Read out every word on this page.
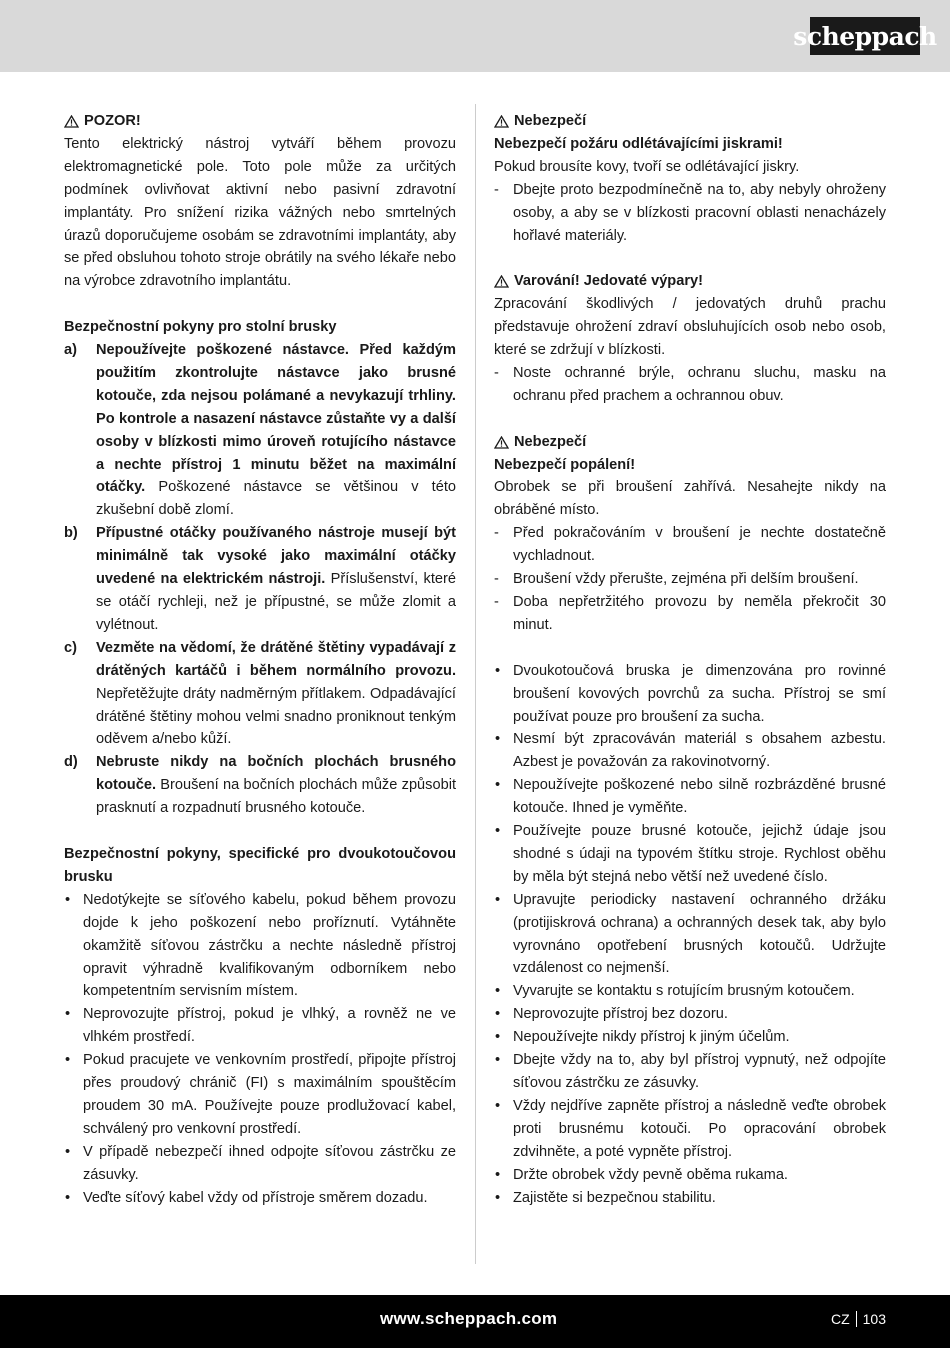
scheppach

POZOR!

Tento elektrický nástroj vytváří během provozu elektromagnetické pole. Toto pole může za určitých podmínek ovlivňovat aktivní nebo pasivní zdravotní implantáty. Pro snížení rizika vážných nebo smrtelných úrazů doporučujeme osobám se zdravotními implantáty, aby se před obsluhou tohoto stroje obrátily na svého lékaře nebo na výrobce zdravotního implantátu.

Bezpečnostní pokyny pro stolní brusky

a) Nepoužívejte poškozené nástavce. Před každým použitím zkontrolujte nástavce jako brusné kotouče, zda nejsou polámané a nevykazují trhliny. Po kontrole a nasazení nástavce zůstaňte vy a další osoby v blízkosti mimo úroveň rotujícího nástavce a nechte přístroj 1 minutu běžet na maximální otáčky. Poškozené nástavce se většinou v této zkušební době zlomí.
b) Přípustné otáčky používaného nástroje musejí být minimálně tak vysoké jako maximální otáčky uvedené na elektrickém nástroji. Příslušenství, které se otáčí rychleji, než je přípustné, se může zlomit a vylétnout.
c) Vezměte na vědomí, že drátěné štětiny vypadávají z drátěných kartáčů i během normálního provozu. Nepřetěžujte dráty nadměrným přítlakem. Odpadávající drátěné štětiny mohou velmi snadno proniknout tenkým oděvem a/nebo kůží.
d) Nebruste nikdy na bočních plochách brusného kotouče. Broušení na bočních plochách může způsobit prasknutí a rozpadnutí brusného kotouče.

Bezpečnostní pokyny, specifické pro dvoukotoučovou brusku

• Nedotýkejte se síťového kabelu, pokud během provozu dojde k jeho poškození nebo proříznutí. Vytáhněte okamžitě síťovou zástrčku a nechte následně přístroj opravit výhradně kvalifikovaným odborníkem nebo kompetentním servisním místem.
• Neprovozujte přístroj, pokud je vlhký, a rovněž ne ve vlhkém prostředí.
• Pokud pracujete ve venkovním prostředí, připojte přístroj přes proudový chránič (FI) s maximálním spouštěcím proudem 30 mA. Používejte pouze prodlužovací kabel, schválený pro venkovní prostředí.
• V případě nebezpečí ihned odpojte síťovou zástrčku ze zásuvky.
• Veďte síťový kabel vždy od přístroje směrem dozadu.

Nebezpečí

Nebezpečí požáru odlétávajícími jiskrami!

Pokud brousíte kovy, tvoří se odlétávající jiskry.

- Dbejte proto bezpodmínečně na to, aby nebyly ohroženy osoby, a aby se v blízkosti pracovní oblasti nenacházely hořlavé materiály.

Varování! Jedovaté výpary!

Zpracování škodlivých / jedovatých druhů prachu představuje ohrožení zdraví obsluhujících osob nebo osob, které se zdržují v blízkosti.

- Noste ochranné brýle, ochranu sluchu, masku na ochranu před prachem a ochrannou obuv.

Nebezpečí

Nebezpečí popálení!

Obrobek se při broušení zahřívá. Nesahejte nikdy na obráběné místo.

- Před pokračováním v broušení je nechte dostatečně vychladnout.
- Broušení vždy přerušte, zejména při delším broušení.
- Doba nepřetržitého provozu by neměla překročit 30 minut.
• Dvoukotoučová bruska je dimenzována pro rovinné broušení kovových povrchů za sucha. Přístroj se smí používat pouze pro broušení za sucha.
• Nesmí být zpracováván materiál s obsahem azbestu. Azbest je považován za rakovinotvorný.
• Nepoužívejte poškozené nebo silně rozbrázděné brusné kotouče. Ihned je vyměňte.
• Používejte pouze brusné kotouče, jejichž údaje jsou shodné s údaji na typovém štítku stroje. Rychlost oběhu by měla být stejná nebo větší než uvedené číslo.
• Upravujte periodicky nastavení ochranného držáku (protijiskrová ochrana) a ochranných desek tak, aby bylo vyrovnáno opotřebení brusných kotoučů. Udržujte vzdálenost co nejmenší.
• Vyvarujte se kontaktu s rotujícím brusným kotoučem.
• Neprovozujte přístroj bez dozoru.
• Nepoužívejte nikdy přístroj k jiným účelům.
• Dbejte vždy na to, aby byl přístroj vypnutý, než odpojíte síťovou zástrčku ze zásuvky.
• Vždy nejdříve zapněte přístroj a následně veďte obrobek proti brusnému kotouči. Po opracování obrobek zdvihněte, a poté vypněte přístroj.
• Držte obrobek vždy pevně oběma rukama.
• Zajistěte si bezpečnou stabilitu.
www.scheppach.com	CZ 103
